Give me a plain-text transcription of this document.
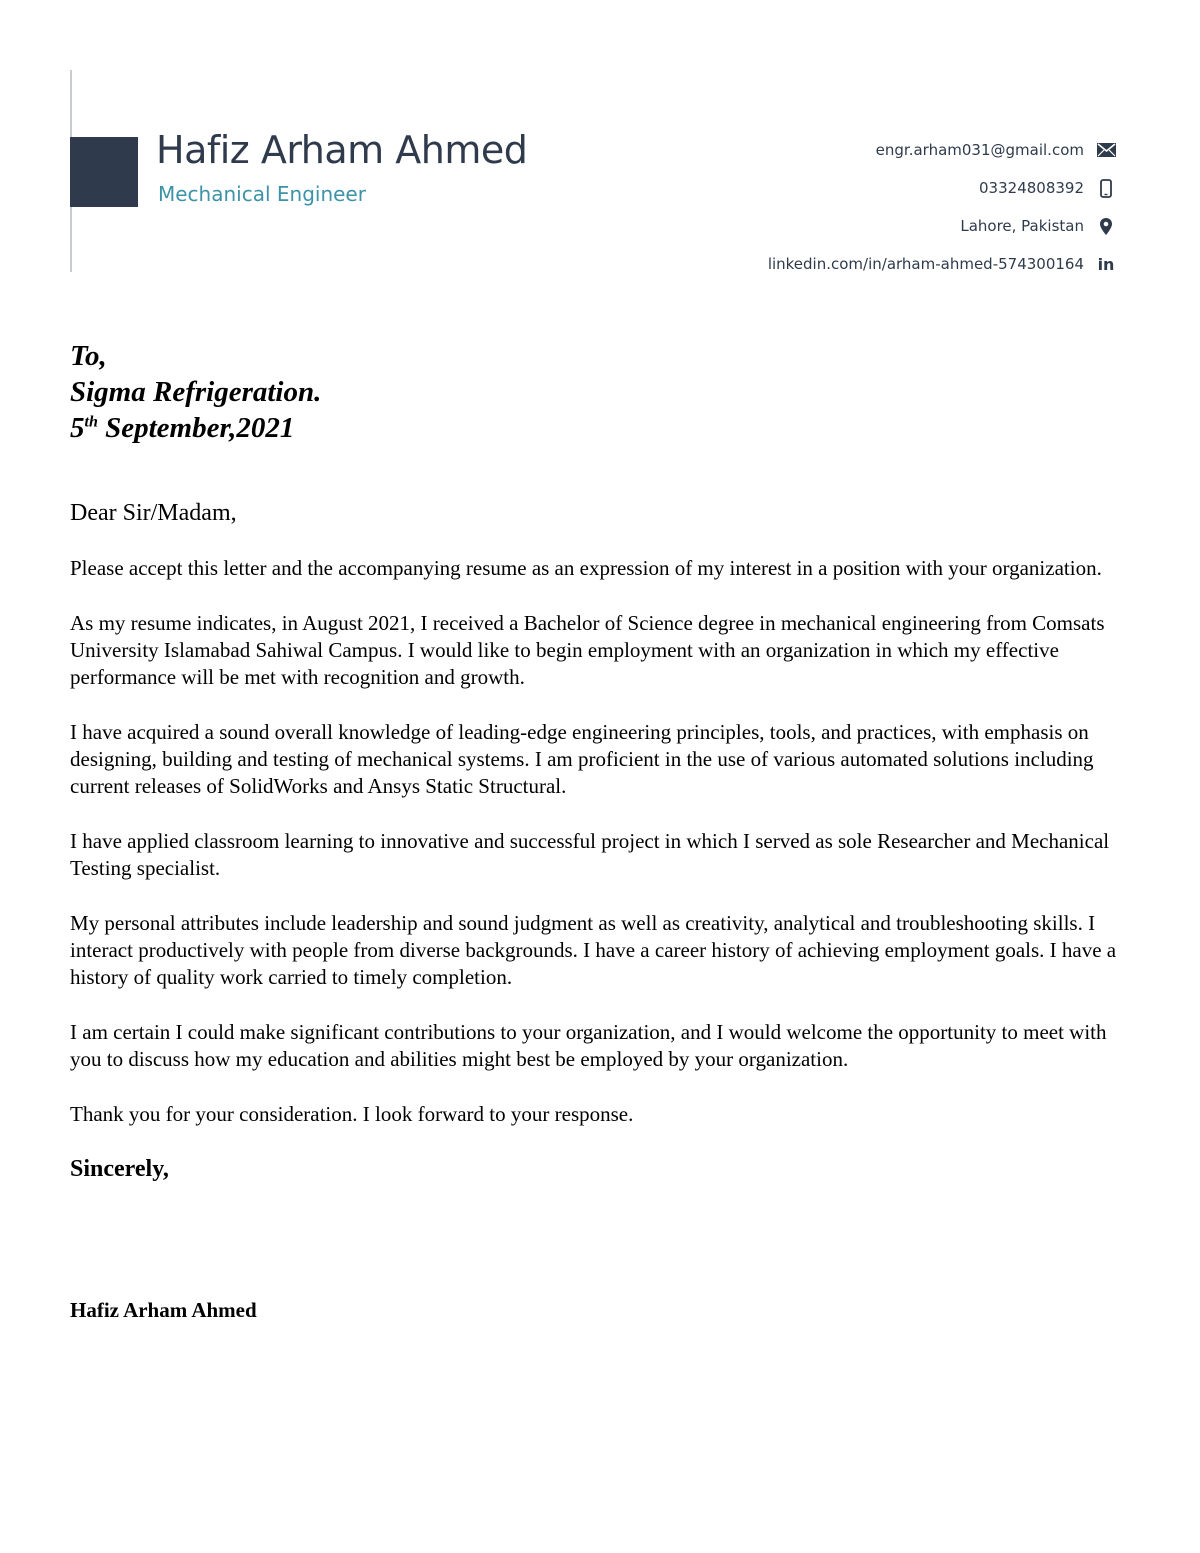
Hafiz Arham Ahmed
Mechanical Engineer
engr.arham031@gmail.com
03324808392
Lahore, Pakistan
linkedin.com/in/arham-ahmed-574300164 in
To,
Sigma Refrigeration.
5th September,2021

Dear Sir/Madam,

Please accept this letter and the accompanying resume as an expression of my interest in a position with your organization.

As my resume indicates, in August 2021, I received a Bachelor of Science degree in mechanical engineering from Comsats University Islamabad Sahiwal Campus. I would like to begin employment with an organization in which my effective performance will be met with recognition and growth.

I have acquired a sound overall knowledge of leading-edge engineering principles, tools, and practices, with emphasis on designing, building and testing of mechanical systems. I am proficient in the use of various automated solutions including current releases of SolidWorks and Ansys Static Structural.

I have applied classroom learning to innovative and successful project in which I served as sole Researcher and Mechanical Testing specialist.

My personal attributes include leadership and sound judgment as well as creativity, analytical and troubleshooting skills. I interact productively with people from diverse backgrounds. I have a career history of achieving employment goals. I have a history of quality work carried to timely completion.

I am certain I could make significant contributions to your organization, and I would welcome the opportunity to meet with you to discuss how my education and abilities might best be employed by your organization.

Thank you for your consideration. I look forward to your response.

Sincerely,

Hafiz Arham Ahmed
